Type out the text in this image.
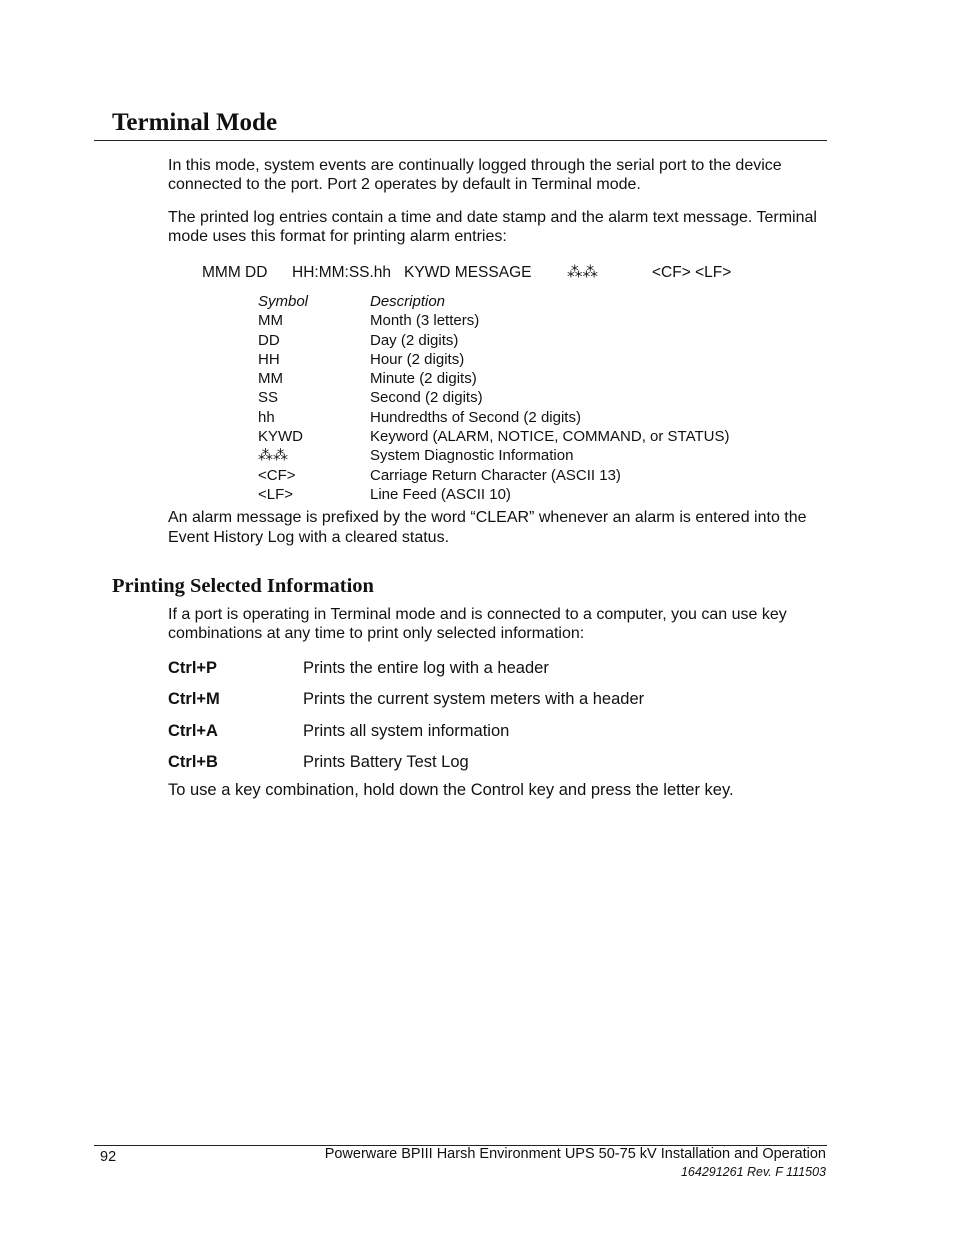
Terminal Mode

In this mode, system events are continually logged through the serial port to the device connected to the port. Port 2 operates by default in Terminal mode.

The printed log entries contain a time and date stamp and the alarm text message. Terminal mode uses this format for printing alarm entries:

MMM DD HH:MM:SS.hh KYWD MESSAGE ⁂⁂	<CF> <LF>
Symbol	Description
MM	Month (3 letters)
DD	Day (2 digits)
HH	Hour (2 digits)
MM	Minute (2 digits)
SS	Second (2 digits)
hh	Hundredths of Second (2 digits)
KYWD	Keyword (ALARM, NOTICE, COMMAND, or STATUS)
⁂⁂	System Diagnostic Information
<CF>	Carriage Return Character (ASCII 13)
<LF>	Line Feed (ASCII 10)

An alarm message is prefixed by the word “CLEAR” whenever an alarm is entered into the Event History Log with a cleared status.

Printing Selected Information

If a port is operating in Terminal mode and is connected to a computer, you can use key combinations at any time to print only selected information:

Ctrl+P	Prints the entire log with a header
Ctrl+M	Prints the current system meters with a header
Ctrl+A	Prints all system information
Ctrl+B	Prints Battery Test Log

To use a key combination, hold down the Control key and press the letter key.

92	Powerware BPIII Harsh Environment UPS 50-75 kV Installation and Operation
164291261 Rev. F 111503
